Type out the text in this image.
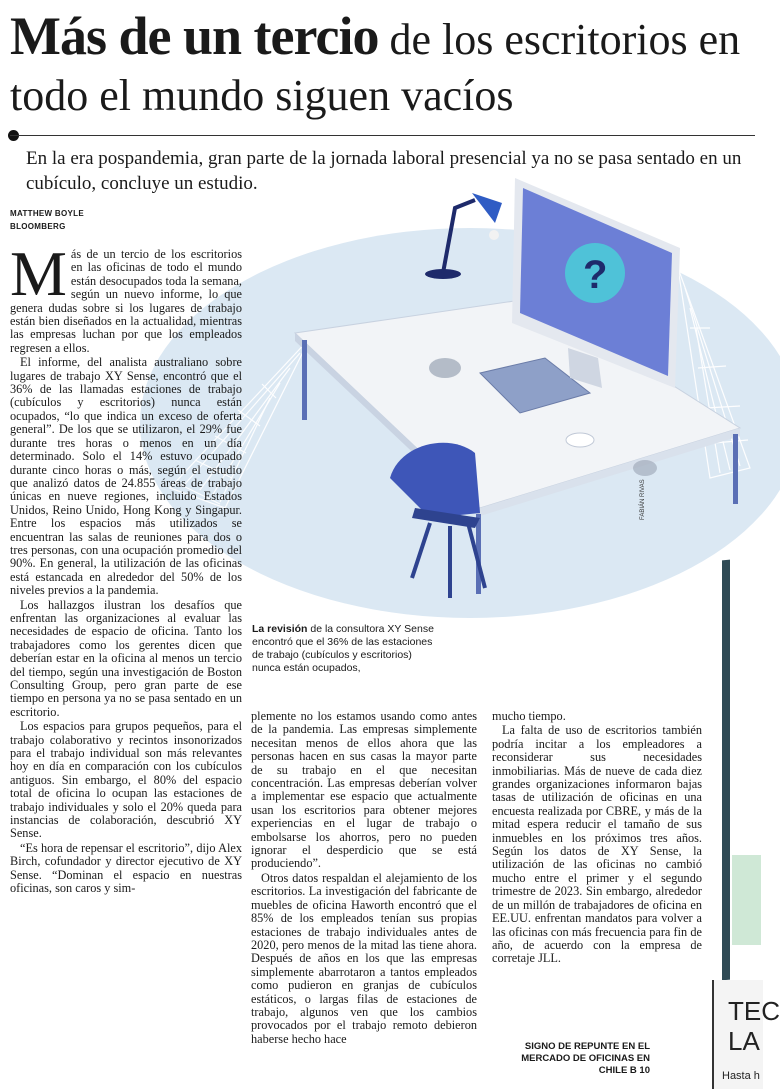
Más de un tercio de los escritorios en todo el mundo siguen vacíos
En la era pospandemia, gran parte de la jornada laboral presencial ya no se pasa sentado en un cubículo, concluye un estudio.
MATTHEW BOYLE
BLOOMBERG
?
FABIÁN RIVAS
La revisión de la consultora XY Sense encontró que el 36% de las estaciones de trabajo (cubículos y escritorios) nunca están ocupados,

Más de un tercio de los escritorios en las oficinas de todo el mundo están desocupados toda la semana, según un nuevo informe, lo que genera dudas sobre si los lugares de trabajo están bien diseñados en la actualidad, mientras las empresas luchan por que los empleados regresen a ellos.

El informe, del analista australiano sobre lugares de trabajo XY Sense, encontró que el 36% de las llamadas estaciones de trabajo (cubículos y escritorios) nunca están ocupados, “lo que indica un exceso de oferta general”. De los que se utilizaron, el 29% fue durante tres horas o menos en un día determinado. Solo el 14% estuvo ocupado durante cinco horas o más, según el estudio que analizó datos de 24.855 áreas de trabajo únicas en nueve regiones, incluido Estados Unidos, Reino Unido, Hong Kong y Singapur. Entre los espacios más utilizados se encuentran las salas de reuniones para dos o tres personas, con una ocupación promedio del 90%. En general, la utilización de las oficinas está estancada en alrededor del 50% de los niveles previos a la pandemia.

Los hallazgos ilustran los desafíos que enfrentan las organizaciones al evaluar las necesidades de espacio de oficina. Tanto los trabajadores como los gerentes dicen que deberían estar en la oficina al menos un tercio del tiempo, según una investigación de Boston Consulting Group, pero gran parte de ese tiempo en persona ya no se pasa sentado en un escritorio.

Los espacios para grupos pequeños, para el trabajo colaborativo y recintos insonorizados para el trabajo individual son más relevantes hoy en día en comparación con los cubículos antiguos. Sin embargo, el 80% del espacio total de oficina lo ocupan las estaciones de trabajo individuales y solo el 20% queda para instancias de colaboración, descubrió XY Sense.

“Es hora de repensar el escritorio”, dijo Alex Birch, cofundador y director ejecutivo de XY Sense. “Dominan el espacio en nuestras oficinas, son caros y sim-

plemente no los estamos usando como antes de la pandemia. Las empresas simplemente necesitan menos de ellos ahora que las personas hacen en sus casas la mayor parte de su trabajo en el que necesitan concentración. Las empresas deberían volver a implementar ese espacio que actualmente usan los escritorios para obtener mejores experiencias en el lugar de trabajo o embolsarse los ahorros, pero no pueden ignorar el desperdicio que se está produciendo”.

Otros datos respaldan el alejamiento de los escritorios. La investigación del fabricante de muebles de oficina Haworth encontró que el 85% de los empleados tenían sus propias estaciones de trabajo individuales antes de 2020, pero menos de la mitad las tiene ahora. Después de años en los que las empresas simplemente abarrotaron a tantos empleados como pudieron en granjas de cubículos estáticos, o largas filas de estaciones de trabajo, algunos ven que los cambios provocados por el trabajo remoto debieron haberse hecho hace

mucho tiempo.

La falta de uso de escritorios también podría incitar a los empleadores a reconsiderar sus necesidades inmobiliarias. Más de nueve de cada diez grandes organizaciones informaron bajas tasas de utilización de oficinas en una encuesta realizada por CBRE, y más de la mitad espera reducir el tamaño de sus inmuebles en los próximos tres años. Según los datos de XY Sense, la utilización de las oficinas no cambió mucho entre el primer y el segundo trimestre de 2023. Sin embargo, alrededor de un millón de trabajadores de oficina en EE.UU. enfrentan mandatos para volver a las oficinas con más frecuencia para fin de año, de acuerdo con la empresa de corretaje JLL.

SIGNO DE REPUNTE EN EL MERCADO DE OFICINAS EN CHILE B 10
TEC
LA
Hasta h
